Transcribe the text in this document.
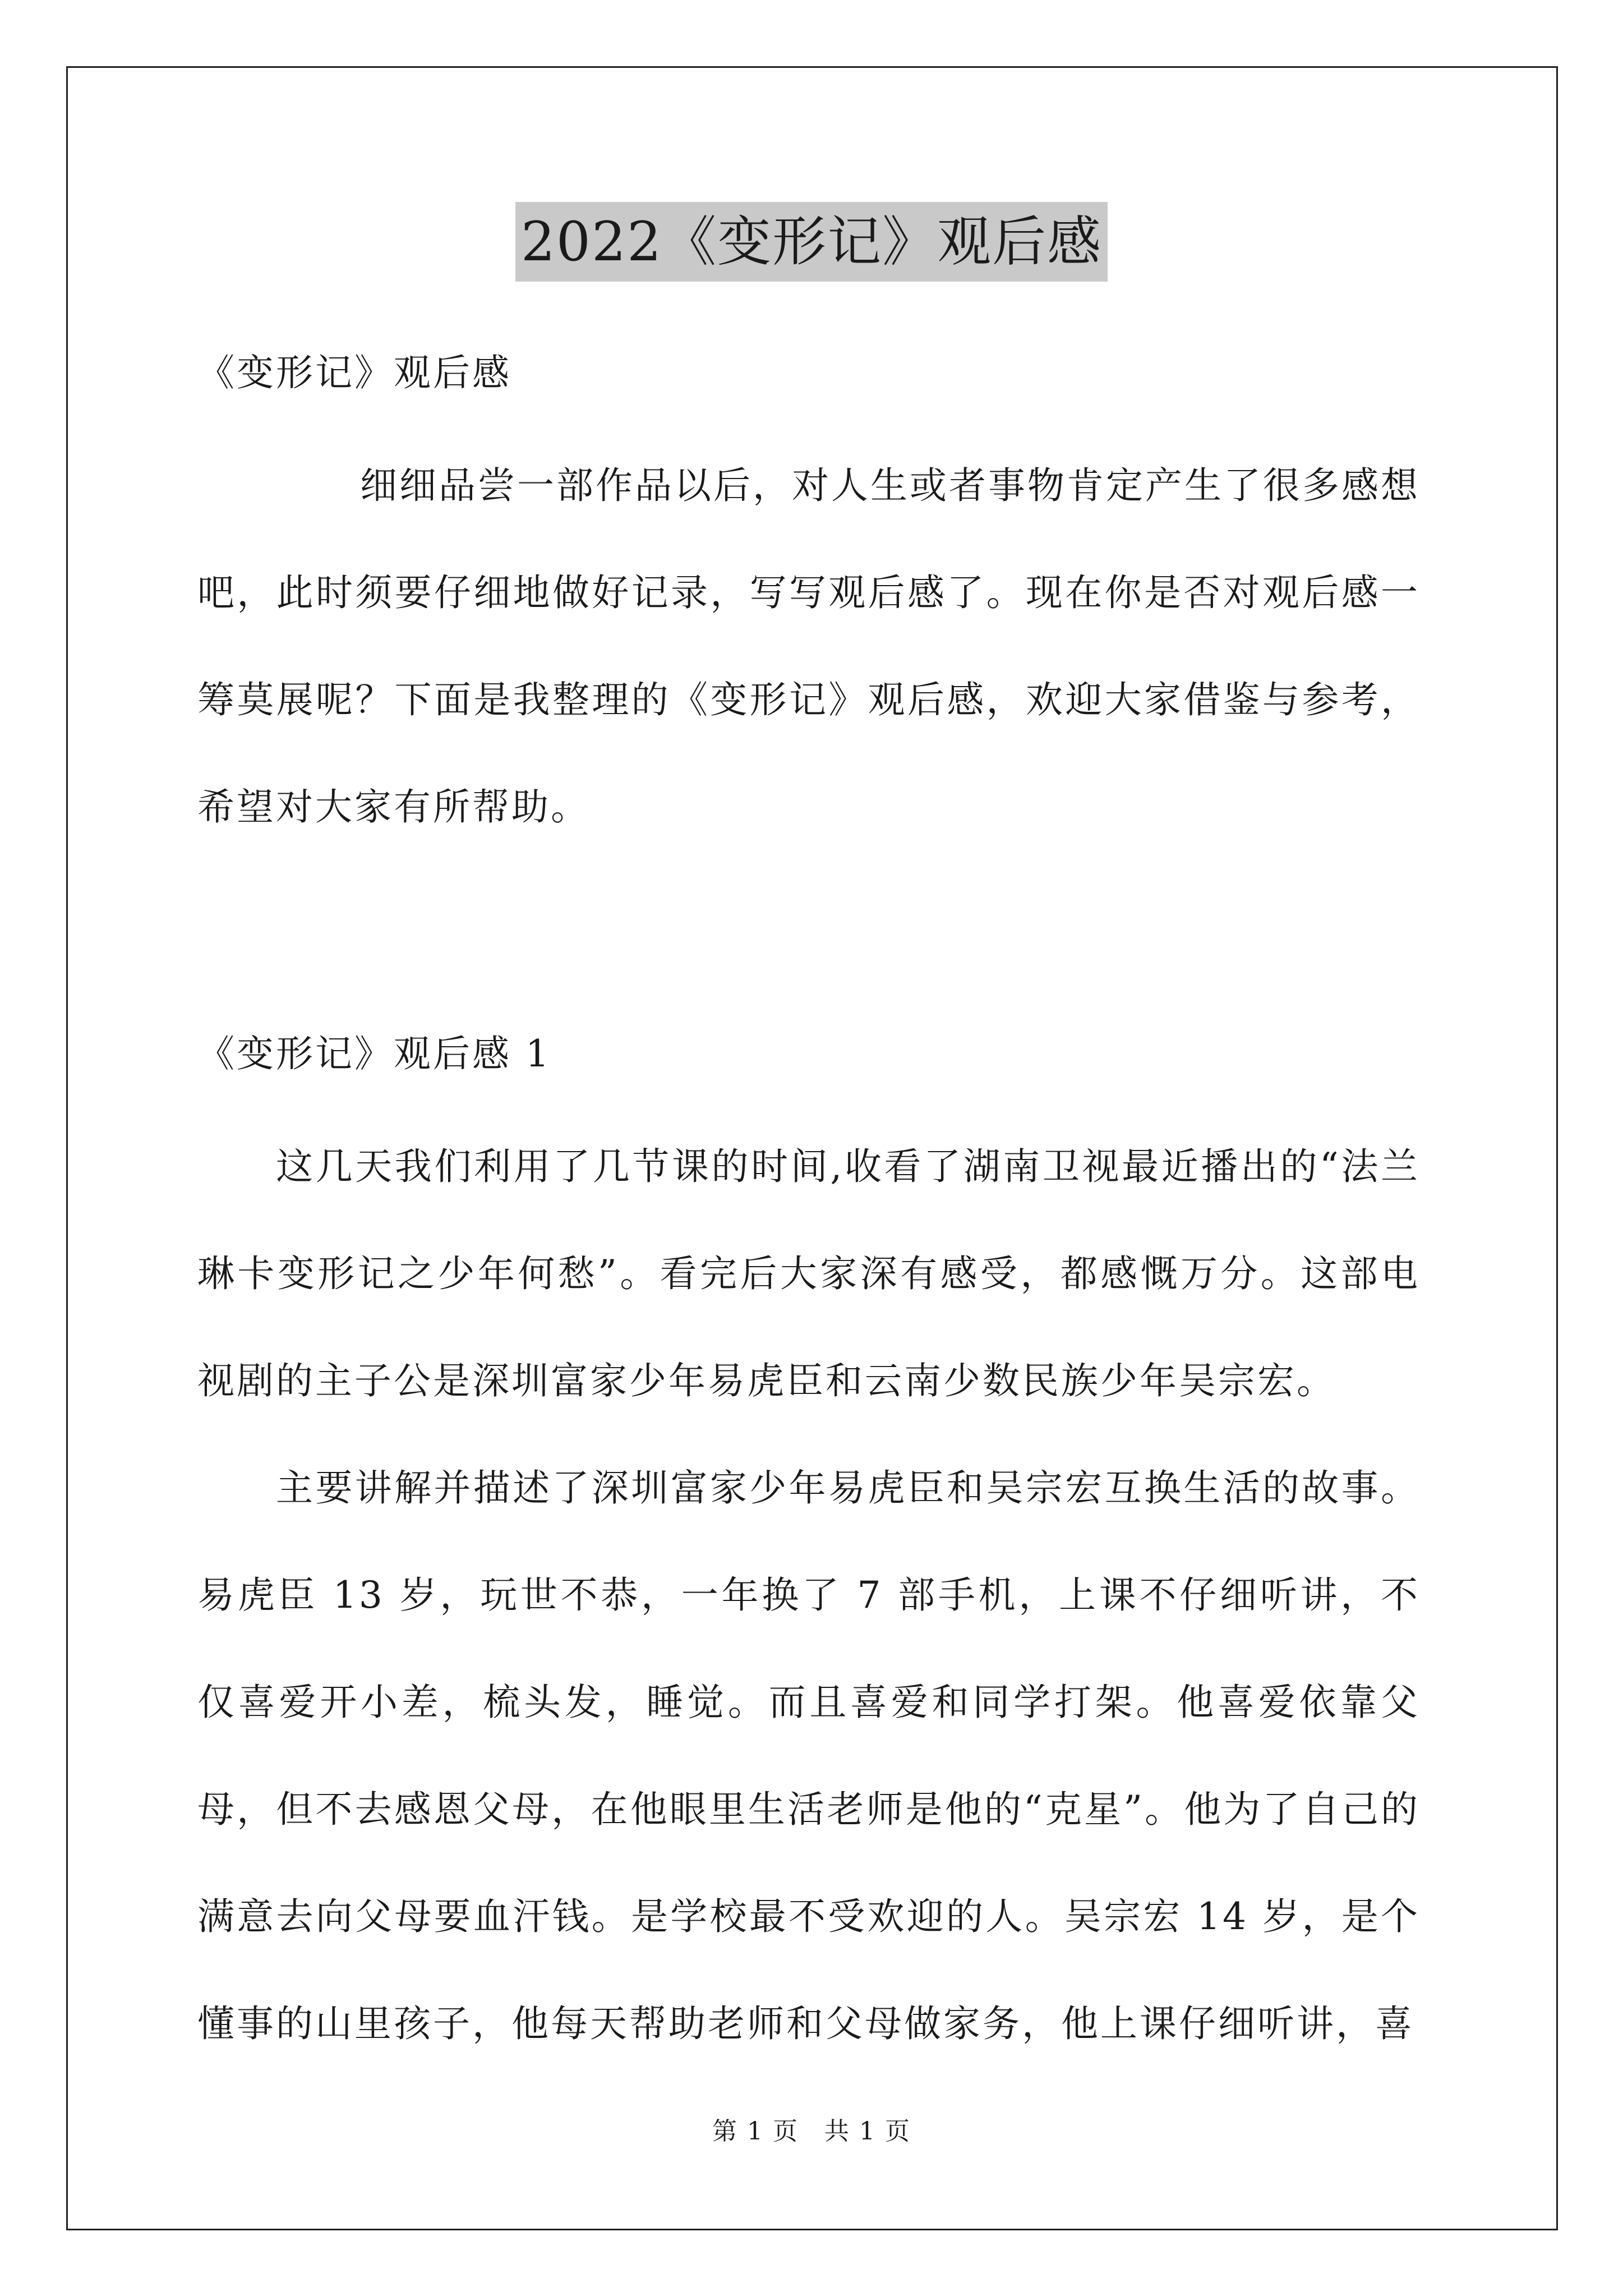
2022《变形记》观后感

《变形记》观后感

细细品尝一部作品以后，对人生或者事物肯定产生了很多感想吧，此时须要仔细地做好记录，写写观后感了。现在你是否对观后感一筹莫展呢？下面是我整理的《变形记》观后感，欢迎大家借鉴与参考，希望对大家有所帮助。

《变形记》观后感 1

这几天我们利用了几节课的时间,收看了湖南卫视最近播出的“法兰琳卡变形记之少年何愁”。看完后大家深有感受，都感慨万分。这部电视剧的主子公是深圳富家少年易虎臣和云南少数民族少年吴宗宏。

主要讲解并描述了深圳富家少年易虎臣和吴宗宏互换生活的故事。易虎臣 13 岁，玩世不恭，一年换了 7 部手机，上课不仔细听讲，不仅喜爱开小差，梳头发，睡觉。而且喜爱和同学打架。他喜爱依靠父母，但不去感恩父母，在他眼里生活老师是他的“克星”。他为了自己的满意去向父母要血汗钱。是学校最不受欢迎的人。吴宗宏 14 岁，是个懂事的山里孩子，他每天帮助老师和父母做家务，他上课仔细听讲，喜

第 1 页　共 1 页
